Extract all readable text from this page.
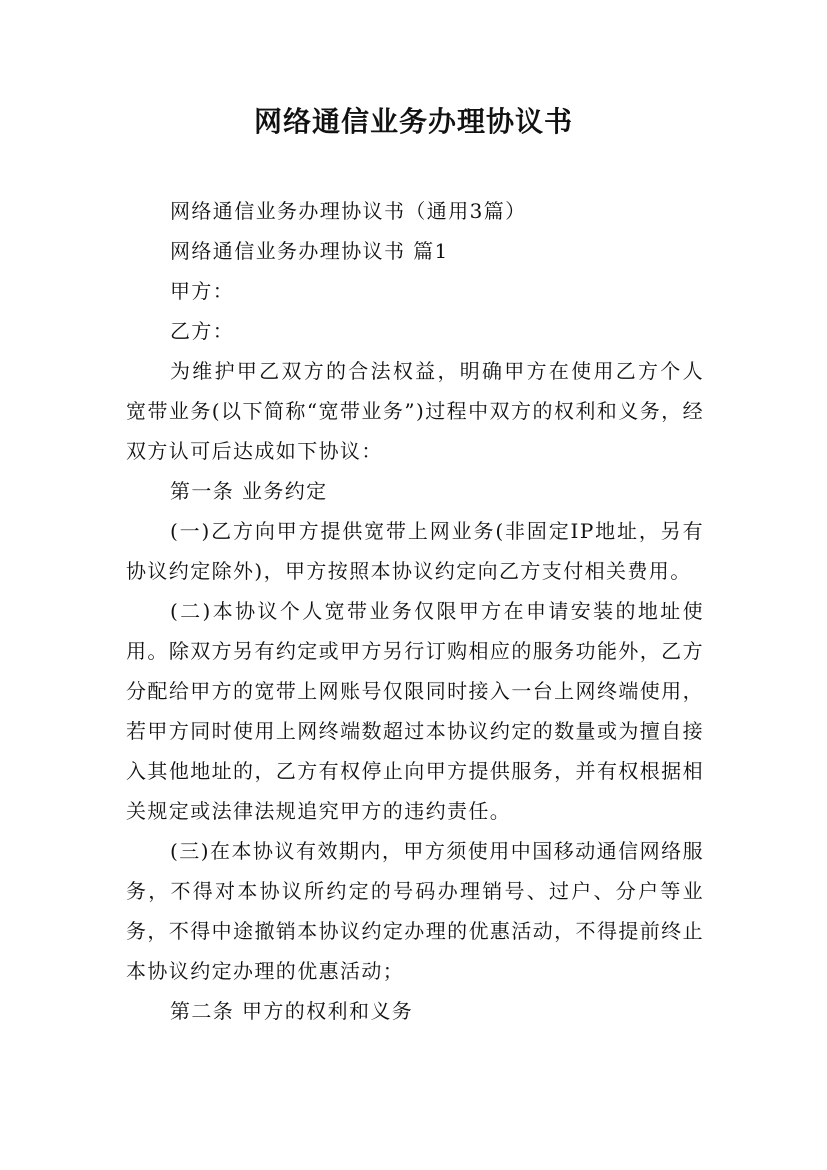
网络通信业务办理协议书

网络通信业务办理协议书（通用3篇）

网络通信业务办理协议书 篇1

甲方：

乙方：

为维护甲乙双方的合法权益，明确甲方在使用乙方个人宽带业务(以下简称“宽带业务”)过程中双方的权利和义务，经双方认可后达成如下协议：

第一条 业务约定

(一)乙方向甲方提供宽带上网业务(非固定IP地址，另有协议约定除外)，甲方按照本协议约定向乙方支付相关费用。

(二)本协议个人宽带业务仅限甲方在申请安装的地址使用。除双方另有约定或甲方另行订购相应的服务功能外，乙方分配给甲方的宽带上网账号仅限同时接入一台上网终端使用，若甲方同时使用上网终端数超过本协议约定的数量或为擅自接入其他地址的，乙方有权停止向甲方提供服务，并有权根据相关规定或法律法规追究甲方的违约责任。

(三)在本协议有效期内，甲方须使用中国移动通信网络服务，不得对本协议所约定的号码办理销号、过户、分户等业务，不得中途撤销本协议约定办理的优惠活动，不得提前终止本协议约定办理的优惠活动；

第二条 甲方的权利和义务
